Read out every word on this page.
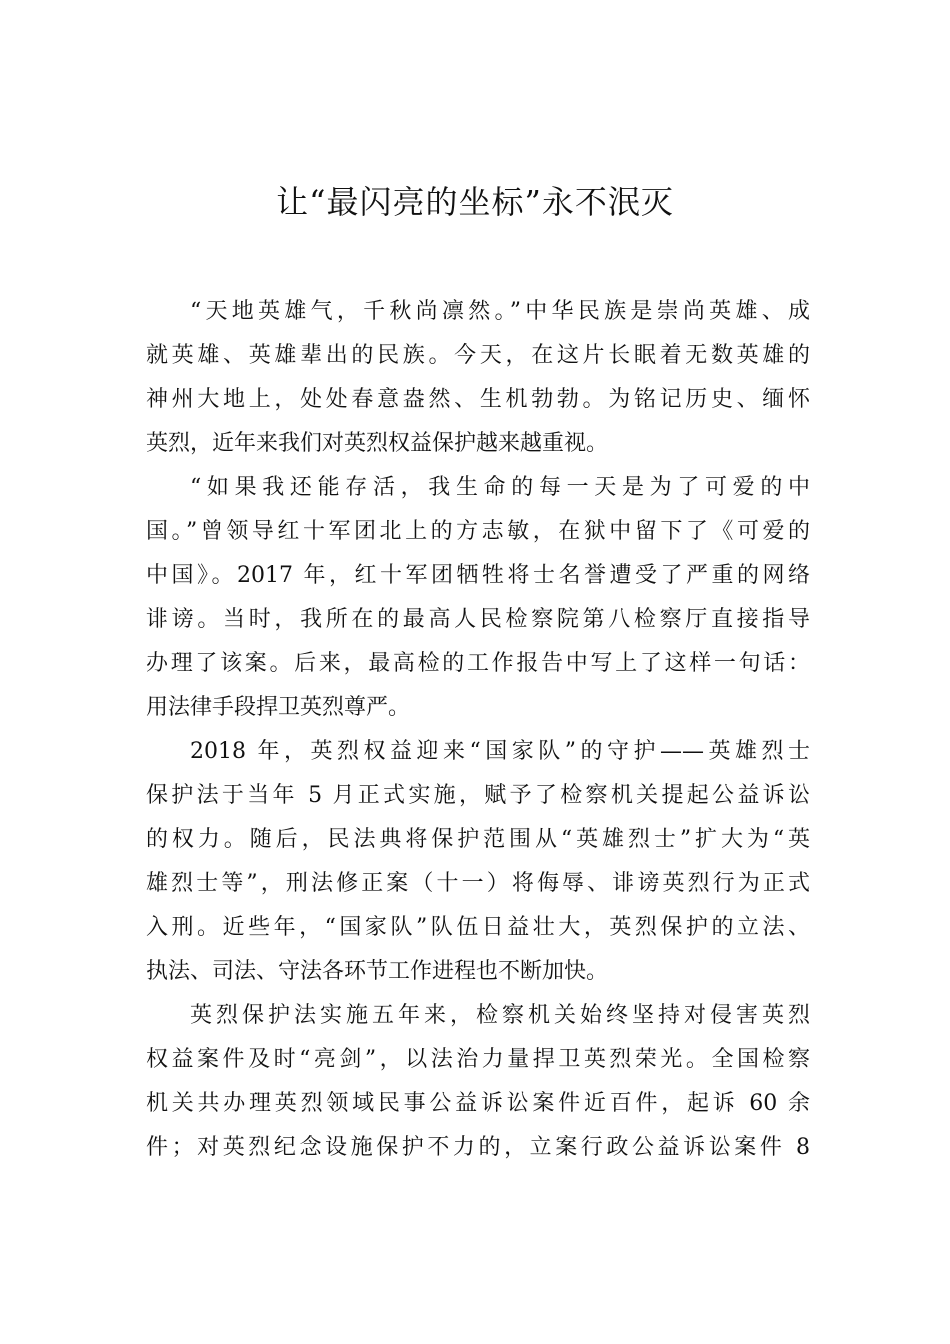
让“最闪亮的坐标”永不泯灭

“天地英雄气，千秋尚凛然。”中华民族是崇尚英雄、成

就英雄、英雄辈出的民族。今天，在这片长眠着无数英雄的

神州大地上，处处春意盎然、生机勃勃。为铭记历史、缅怀

英烈，近年来我们对英烈权益保护越来越重视。

“如果我还能存活，我生命的每一天是为了可爱的中

国。”曾领导红十军团北上的方志敏，在狱中留下了《可爱的

中国》。2017 年，红十军团牺牲将士名誉遭受了严重的网络

诽谤。当时，我所在的最高人民检察院第八检察厅直接指导

办理了该案。后来，最高检的工作报告中写上了这样一句话：

用法律手段捍卫英烈尊严。

2018 年，英烈权益迎来“国家队”的守护——英雄烈士

保护法于当年 5 月正式实施，赋予了检察机关提起公益诉讼

的权力。随后，民法典将保护范围从“英雄烈士”扩大为“英

雄烈士等”，刑法修正案（十一）将侮辱、诽谤英烈行为正式

入刑。近些年，“国家队”队伍日益壮大，英烈保护的立法、

执法、司法、守法各环节工作进程也不断加快。

英烈保护法实施五年来，检察机关始终坚持对侵害英烈

权益案件及时“亮剑”，以法治力量捍卫英烈荣光。全国检察

机关共办理英烈领域民事公益诉讼案件近百件，起诉 60 余

件；对英烈纪念设施保护不力的，立案行政公益诉讼案件 8
